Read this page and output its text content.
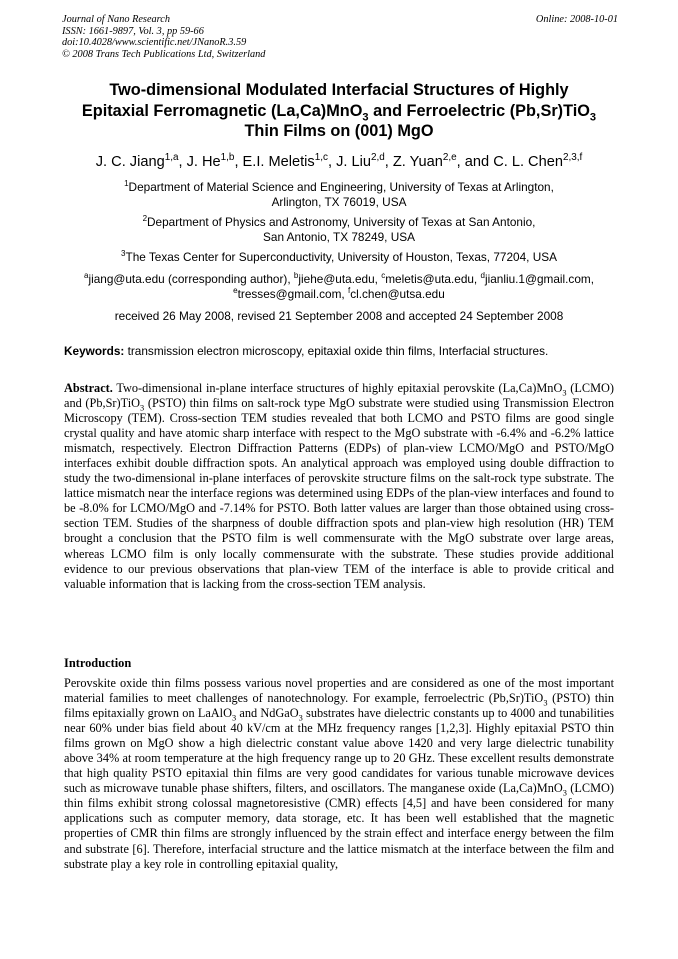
Journal of Nano Research
ISSN: 1661-9897, Vol. 3, pp 59-66
doi:10.4028/www.scientific.net/JNanoR.3.59
© 2008 Trans Tech Publications Ltd, Switzerland
Online: 2008-10-01
Two-dimensional Modulated Interfacial Structures of Highly
Epitaxial Ferromagnetic (La,Ca)MnO$_3$ and Ferroelectric (Pb,Sr)TiO$_3$
Thin Films on (001) MgO
J. C. Jiang$^{1,a}$, J. He$^{1,b}$, E.I. Meletis$^{1,c}$, J. Liu$^{2,d}$, Z. Yuan$^{2,e}$, and C. L. Chen$^{2,3,f}$
$^1$Department of Material Science and Engineering, University of Texas at Arlington,
Arlington, TX 76019, USA
$^2$Department of Physics and Astronomy, University of Texas at San Antonio,
San Antonio, TX 78249, USA
$^3$The Texas Center for Superconductivity, University of Houston, Texas, 77204, USA
$^a$jiang@uta.edu (corresponding author), $^b$jiehe@uta.edu, $^c$meletis@uta.edu, $^d$jianliu.1@gmail.com,
$^e$tresses@gmail.com, $^f$cl.chen@utsa.edu
received 26 May 2008, revised 21 September 2008 and accepted 24 September 2008
Keywords: transmission electron microscopy, epitaxial oxide thin films, Interfacial structures.
Abstract. Two-dimensional in-plane interface structures of highly epitaxial perovskite (La,Ca)MnO$_3$ (LCMO) and (Pb,Sr)TiO$_3$ (PSTO) thin films on salt-rock type MgO substrate were studied using Transmission Electron Microscopy (TEM). Cross-section TEM studies revealed that both LCMO and PSTO films are good single crystal quality and have atomic sharp interface with respect to the MgO substrate with -6.4% and -6.2% lattice mismatch, respectively. Electron Diffraction Patterns (EDPs) of plan-view LCMO/MgO and PSTO/MgO interfaces exhibit double diffraction spots. An analytical approach was employed using double diffraction to study the two-dimensional in-plane interfaces of perovskite structure films on the salt-rock type substrate. The lattice mismatch near the interface regions was determined using EDPs of the plan-view interfaces and found to be -8.0% for LCMO/MgO and -7.14% for PSTO. Both latter values are larger than those obtained using cross-section TEM. Studies of the sharpness of double diffraction spots and plan-view high resolution (HR) TEM brought a conclusion that the PSTO film is well commensurate with the MgO substrate over large areas, whereas LCMO film is only locally commensurate with the substrate. These studies provide additional evidence to our previous observations that plan-view TEM of the interface is able to provide critical and valuable information that is lacking from the cross-section TEM analysis.
Introduction
Perovskite oxide thin films possess various novel properties and are considered as one of the most important material families to meet challenges of nanotechnology. For example, ferroelectric (Pb,Sr)TiO$_3$ (PSTO) thin films epitaxially grown on LaAlO$_3$ and NdGaO$_3$ substrates have dielectric constants up to 4000 and tunabilities near 60% under bias field about 40 kV/cm at the MHz frequency ranges [1,2,3]. Highly epitaxial PSTO thin films grown on MgO show a high dielectric constant value above 1420 and very large dielectric tunability above 34% at room temperature at the high frequency range up to 20 GHz. These excellent results demonstrate that high quality PSTO epitaxial thin films are very good candidates for various tunable microwave devices such as microwave tunable phase shifters, filters, and oscillators. The manganese oxide (La,Ca)MnO$_3$ (LCMO) thin films exhibit strong colossal magnetoresistive (CMR) effects [4,5] and have been considered for many applications such as computer memory, data storage, etc. It has been well established that the magnetic properties of CMR thin films are strongly influenced by the strain effect and interface energy between the film and substrate [6]. Therefore, interfacial structure and the lattice mismatch at the interface between the film and substrate play a key role in controlling epitaxial quality,
